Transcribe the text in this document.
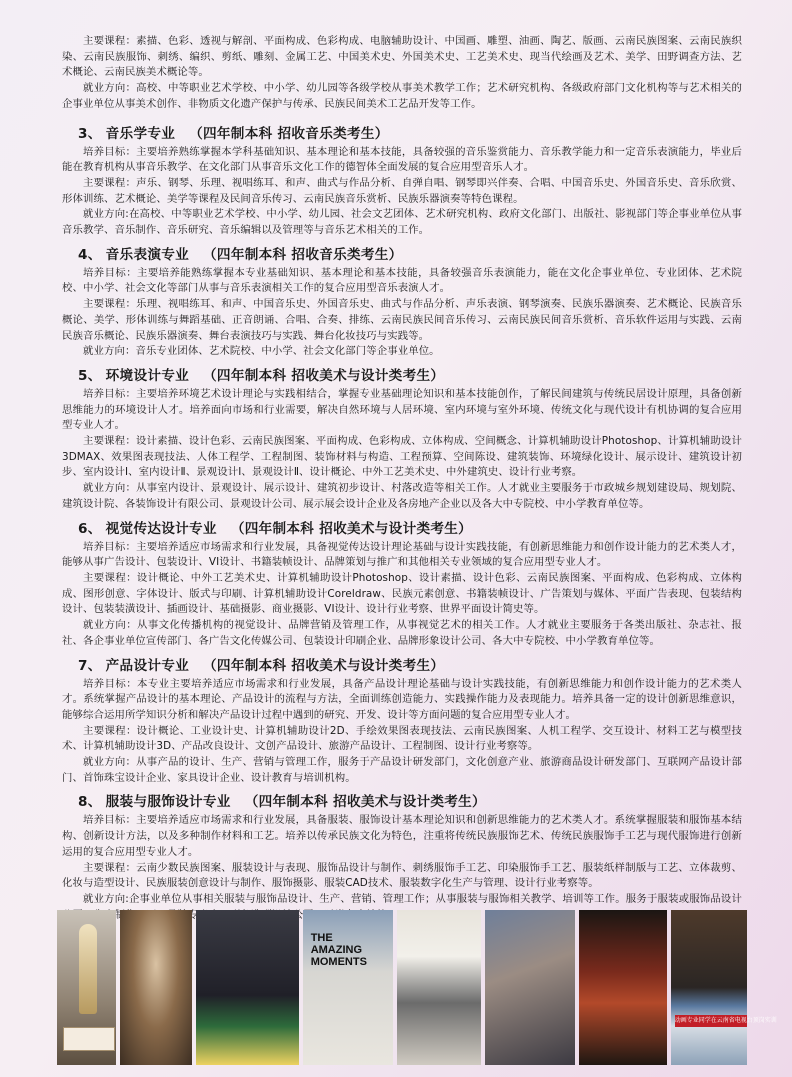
主要课程：素描、色彩、透视与解剖、平面构成、色彩构成、电脑辅助设计、中国画、雕塑、油画、陶艺、版画、云南民族图案、云南民族织染、云南民族服饰、刺绣、编织、剪纸、雕刻、金属工艺、中国美术史、外国美术史、工艺美术史、现当代绘画及艺术、美学、田野调查方法、艺术概论、云南民族美术概论等。

就业方向：高校、中等职业艺术学校、中小学、幼儿园等各级学校从事美术教学工作；艺术研究机构、各级政府部门文化机构等与艺术相关的企事业单位从事美术创作、非物质文化遗产保护与传承、民族民间美术工艺品开发等工作。

3、 音乐学专业 （四年制本科 招收音乐类考生）

培养目标：主要培养熟练掌握本学科基础知识、基本理论和基本技能，具备较强的音乐鉴赏能力、音乐教学能力和一定音乐表演能力，毕业后能在教育机构从事音乐教学、在文化部门从事音乐文化工作的德智体全面发展的复合应用型音乐人才。

主要课程：声乐、钢琴、乐理、视唱练耳、和声、曲式与作品分析、自弹自唱、钢琴即兴伴奏、合唱、中国音乐史、外国音乐史、音乐欣赏、形体训练、艺术概论、美学等课程及民间音乐传习、云南民族音乐赏析、民族乐器演奏等特色课程。

就业方向:在高校、中等职业艺术学校、中小学、幼儿园、社会文艺团体、艺术研究机构、政府文化部门、出版社、影视部门等企事业单位从事音乐教学、音乐制作、音乐研究、音乐编辑以及管理等与音乐艺术相关的工作。

4、 音乐表演专业 （四年制本科 招收音乐类考生）

培养目标：主要培养能熟练掌握本专业基础知识、基本理论和基本技能，具备较强音乐表演能力，能在文化企事业单位、专业团体、艺术院校、中小学、社会文化等部门从事与音乐表演相关工作的复合应用型音乐表演人才。

主要课程：乐理、视唱练耳、和声、中国音乐史、外国音乐史、曲式与作品分析、声乐表演、钢琴演奏、民族乐器演奏、艺术概论、民族音乐概论、美学、形体训练与舞蹈基础、正音朗诵、合唱、合奏、排练、云南民族民间音乐传习、云南民族民间音乐赏析、音乐软件运用与实践、云南民族音乐概论、民族乐器演奏、舞台表演技巧与实践、舞台化妆技巧与实践等。

就业方向：音乐专业团体、艺术院校、中小学、社会文化部门等企事业单位。

5、 环境设计专业 （四年制本科 招收美术与设计类考生）

培养目标：主要培养环境艺术设计理论与实践相结合，掌握专业基础理论知识和基本技能创作，了解民间建筑与传统民居设计原理，具备创新思维能力的环境设计人才。培养面向市场和行业需要，解决自然环境与人居环境、室内环境与室外环境、传统文化与现代设计有机协调的复合应用型专业人才。

主要课程：设计素描、设计色彩、云南民族图案、平面构成、色彩构成、立体构成、空间概念、计算机辅助设计Photoshop、计算机辅助设计3DMAX、效果图表现技法、人体工程学、工程制图、装饰材料与构造、工程预算、空间陈设、建筑装饰、环境绿化设计、展示设计、建筑设计初步、室内设计Ⅰ、室内设计Ⅱ、景观设计Ⅰ、景观设计Ⅱ、设计概论、中外工艺美术史、中外建筑史、设计行业考察。

就业方向：从事室内设计、景观设计、展示设计、建筑初步设计、村落改造等相关工作。人才就业主要服务于市政城乡规划建设局、规划院、建筑设计院、各装饰设计有限公司、景观设计公司、展示展会设计企业及各房地产企业以及各大中专院校、中小学教育单位等。

6、 视觉传达设计专业 （四年制本科 招收美术与设计类考生）

培养目标：主要培养适应市场需求和行业发展，具备视觉传达设计理论基础与设计实践技能，有创新思维能力和创作设计能力的艺术类人才，能够从事广告设计、包装设计、VI设计、书籍装帧设计、品牌策划与推广和其他相关专业领域的复合应用型专业人才。

主要课程：设计概论、中外工艺美术史、计算机辅助设计Photoshop、设计素描、设计色彩、云南民族图案、平面构成、色彩构成、立体构成、图形创意、字体设计、版式与印刷、计算机辅助设计Coreldraw、民族元素创意、书籍装帧设计、广告策划与媒体、平面广告表现、包装结构设计、包装装潢设计、插画设计、基础摄影、商业摄影、VI设计、设计行业考察、世界平面设计简史等。

就业方向：从事文化传播机构的视觉设计、品牌营销及管理工作，从事视觉艺术的相关工作。人才就业主要服务于各类出版社、杂志社、报社、各企事业单位宣传部门、各广告文化传媒公司、包装设计印刷企业、品牌形象设计公司、各大中专院校、中小学教育单位等。

7、 产品设计专业 （四年制本科 招收美术与设计类考生）

培养目标：本专业主要培养适应市场需求和行业发展，具备产品设计理论基础与设计实践技能，有创新思维能力和创作设计能力的艺术类人才。系统掌握产品设计的基本理论、产品设计的流程与方法，全面训练创造能力、实践操作能力及表现能力。培养具备一定的设计创新思维意识，能够综合运用所学知识分析和解决产品设计过程中遇到的研究、开发、设计等方面问题的复合应用型专业人才。

主要课程：设计概论、工业设计史、计算机辅助设计2D、手绘效果图表现技法、云南民族图案、人机工程学、交互设计、材料工艺与模型技术、计算机辅助设计3D、产品改良设计、文创产品设计、旅游产品设计、工程制图、设计行业考察等。

就业方向：从事产品的设计、生产、营销与管理工作，服务于产品设计研发部门，文化创意产业、旅游商品设计研发部门、互联网产品设计部门、首饰珠宝设计企业、家具设计企业、设计教育与培训机构。

8、 服装与服饰设计专业 （四年制本科 招收美术与设计类考生）

培养目标：主要培养适应市场需求和行业发展，具备服装、服饰设计基本理论知识和创新思维能力的艺术类人才。系统掌握服装和服饰基本结构、创新设计方法，以及多种制作材料和工艺。培养以传承民族文化为特色，注重将传统民族服饰艺术、传统民族服饰手工艺与现代服饰进行创新运用的复合应用型专业人才。

主要课程：云南少数民族图案、服装设计与表现、服饰品设计与制作、刺绣服饰手工艺、印染服饰手工艺、服装纸样制版与工艺、立体裁剪、化妆与造型设计、民族服装创意设计与制作、服饰摄影、服装CAD技术、服装数字化生产与管理、设计行业考察等。

就业方向:企事业单位从事相关服装与服饰品设计、生产、营销、管理工作；从事服装与服饰相关教学、培训等工作。服务于服装或服饰品设计 牌专卖

THE
AMAZING
MOMENTS
动画专业同学在云南省电视台顶岗实训
